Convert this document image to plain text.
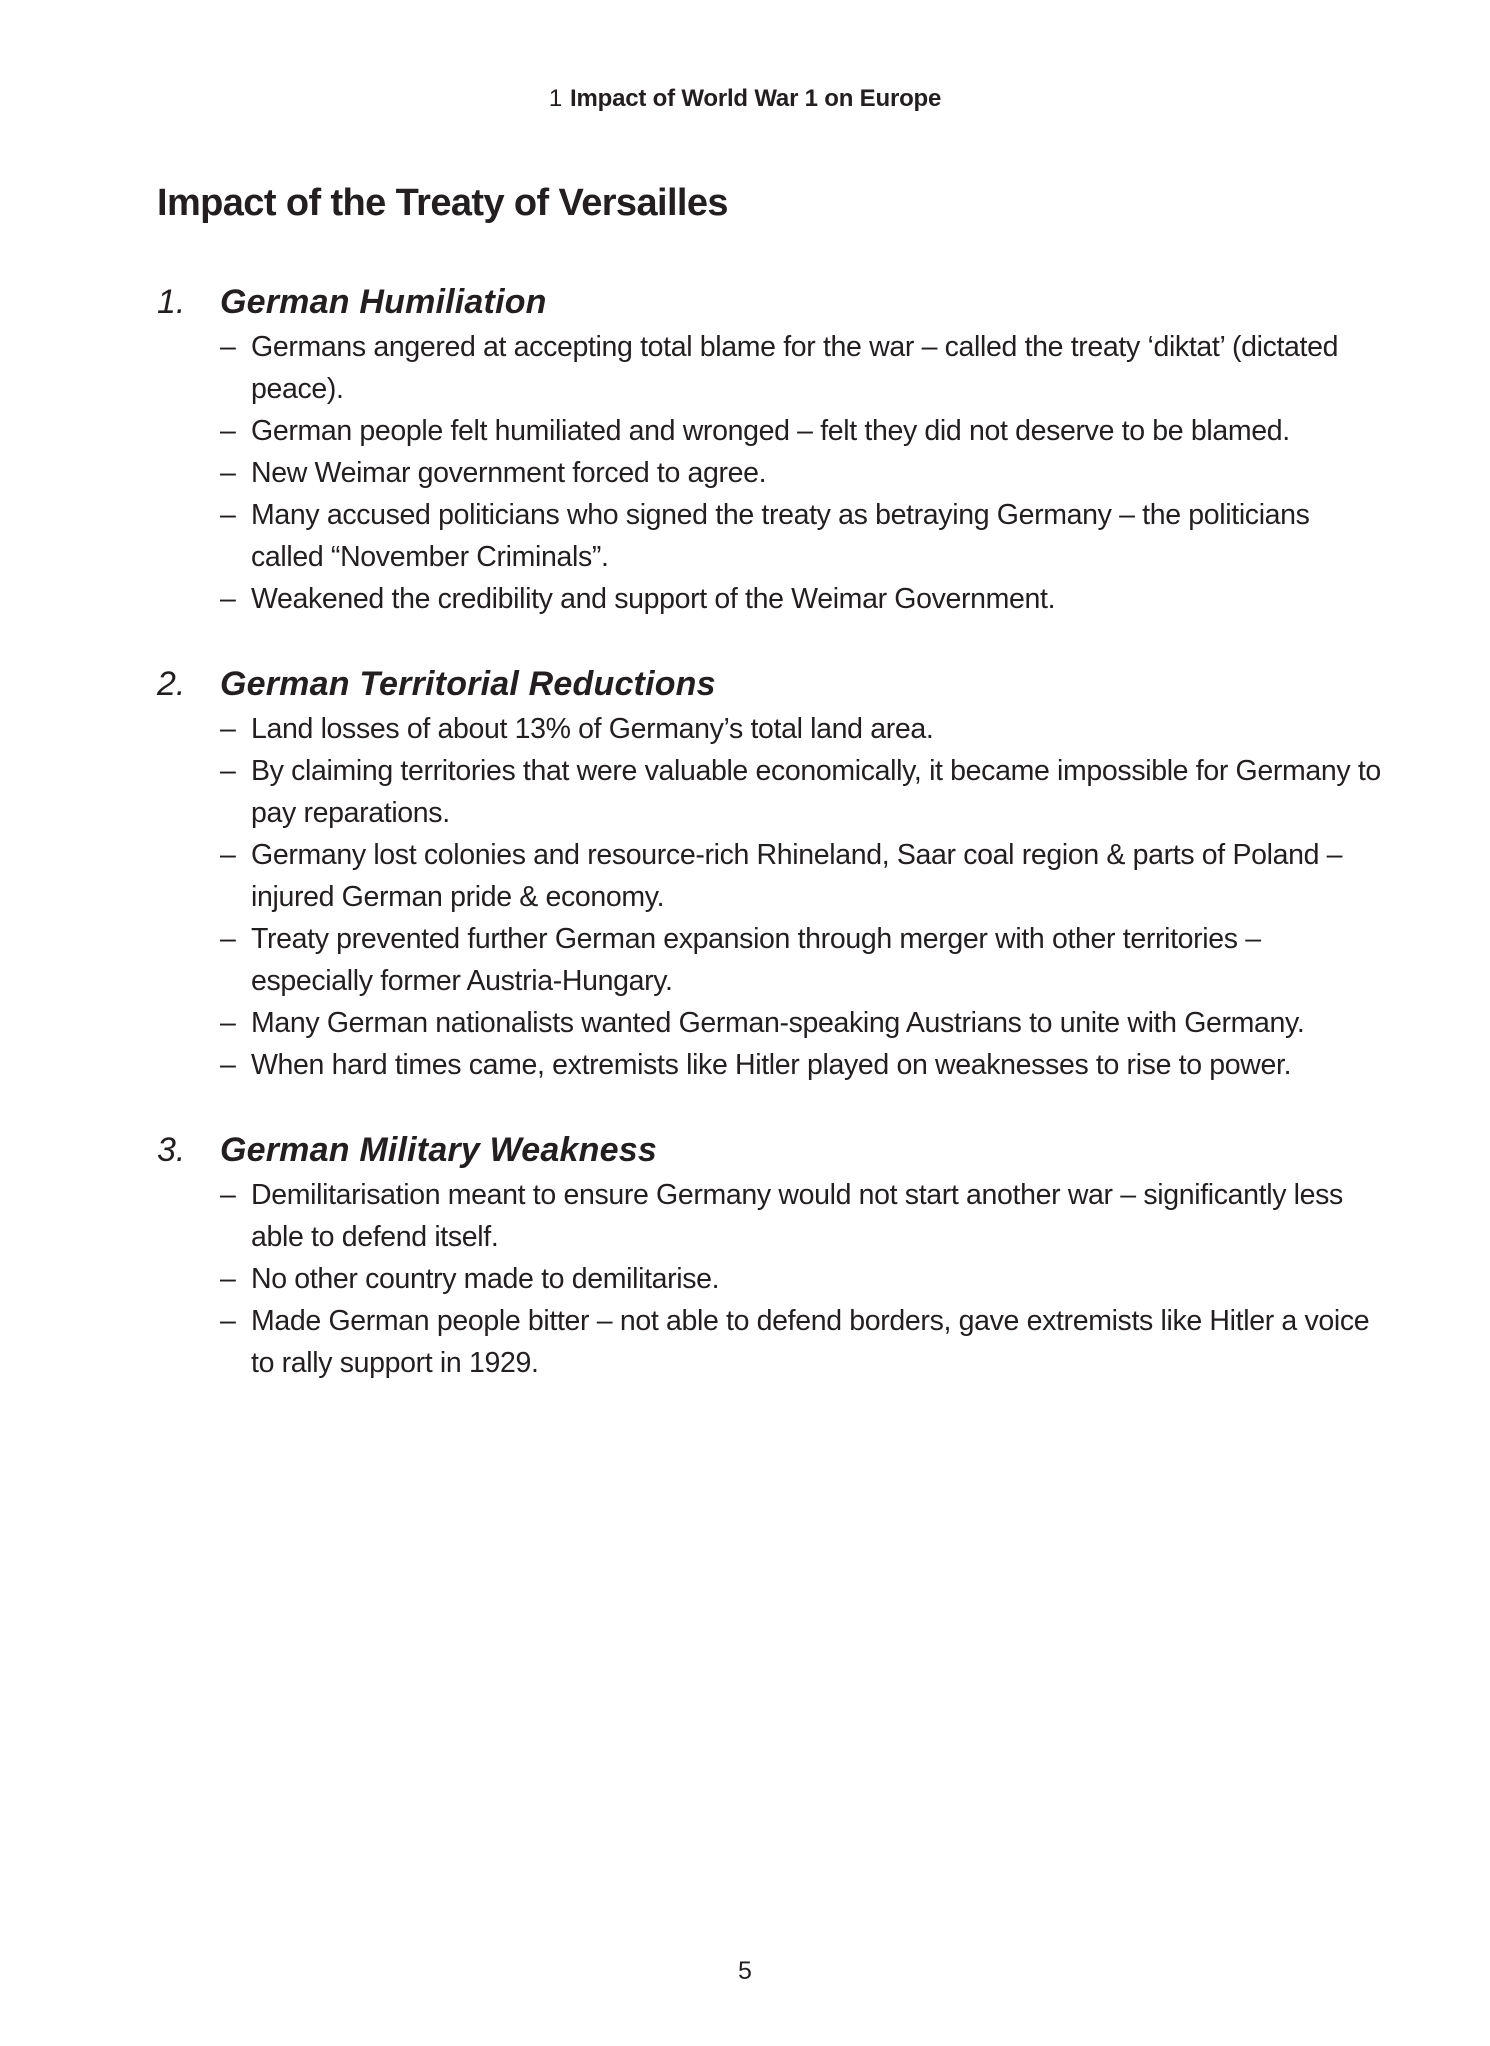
1 Impact of World War 1 on Europe
Impact of the Treaty of Versailles
1.	German Humiliation
– Germans angered at accepting total blame for the war – called the treaty ‘diktat’ (dictated peace).
– German people felt humiliated and wronged – felt they did not deserve to be blamed.
– New Weimar government forced to agree.
– Many accused politicians who signed the treaty as betraying Germany – the politicians called “November Criminals”.
– Weakened the credibility and support of the Weimar Government.
2.	German Territorial Reductions
– Land losses of about 13% of Germany’s total land area.
– By claiming territories that were valuable economically, it became impossible for Germany to pay reparations.
– Germany lost colonies and resource-rich Rhineland, Saar coal region & parts of Poland – injured German pride & economy.
– Treaty prevented further German expansion through merger with other territories – especially former Austria-Hungary.
– Many German nationalists wanted German-speaking Austrians to unite with Germany.
– When hard times came, extremists like Hitler played on weaknesses to rise to power.
3.	German Military Weakness
– Demilitarisation meant to ensure Germany would not start another war – significantly less able to defend itself.
– No other country made to demilitarise.
– Made German people bitter – not able to defend borders, gave extremists like Hitler a voice to rally support in 1929.
5
